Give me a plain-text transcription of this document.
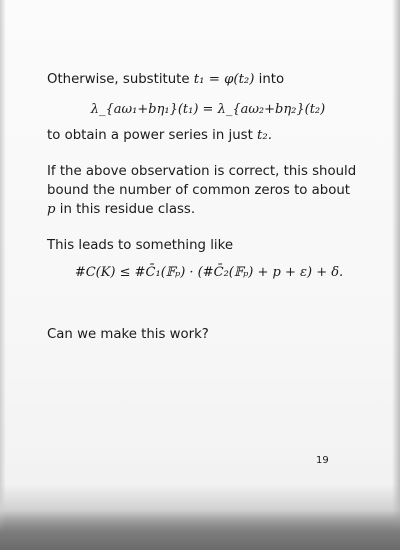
Otherwise, substitute t₁ = φ(t₂) into
λ_{aω₁+bη₁}(t₁) = λ_{aω₂+bη₂}(t₂)
to obtain a power series in just t₂.
If the above observation is correct, this should
bound the number of common zeros to about
p in this residue class.
This leads to something like
#C(K) ≤ #C̄₁(𝔽ₚ) · (#C̄₂(𝔽ₚ) + p + ε) + δ.
Can we make this work?
19
